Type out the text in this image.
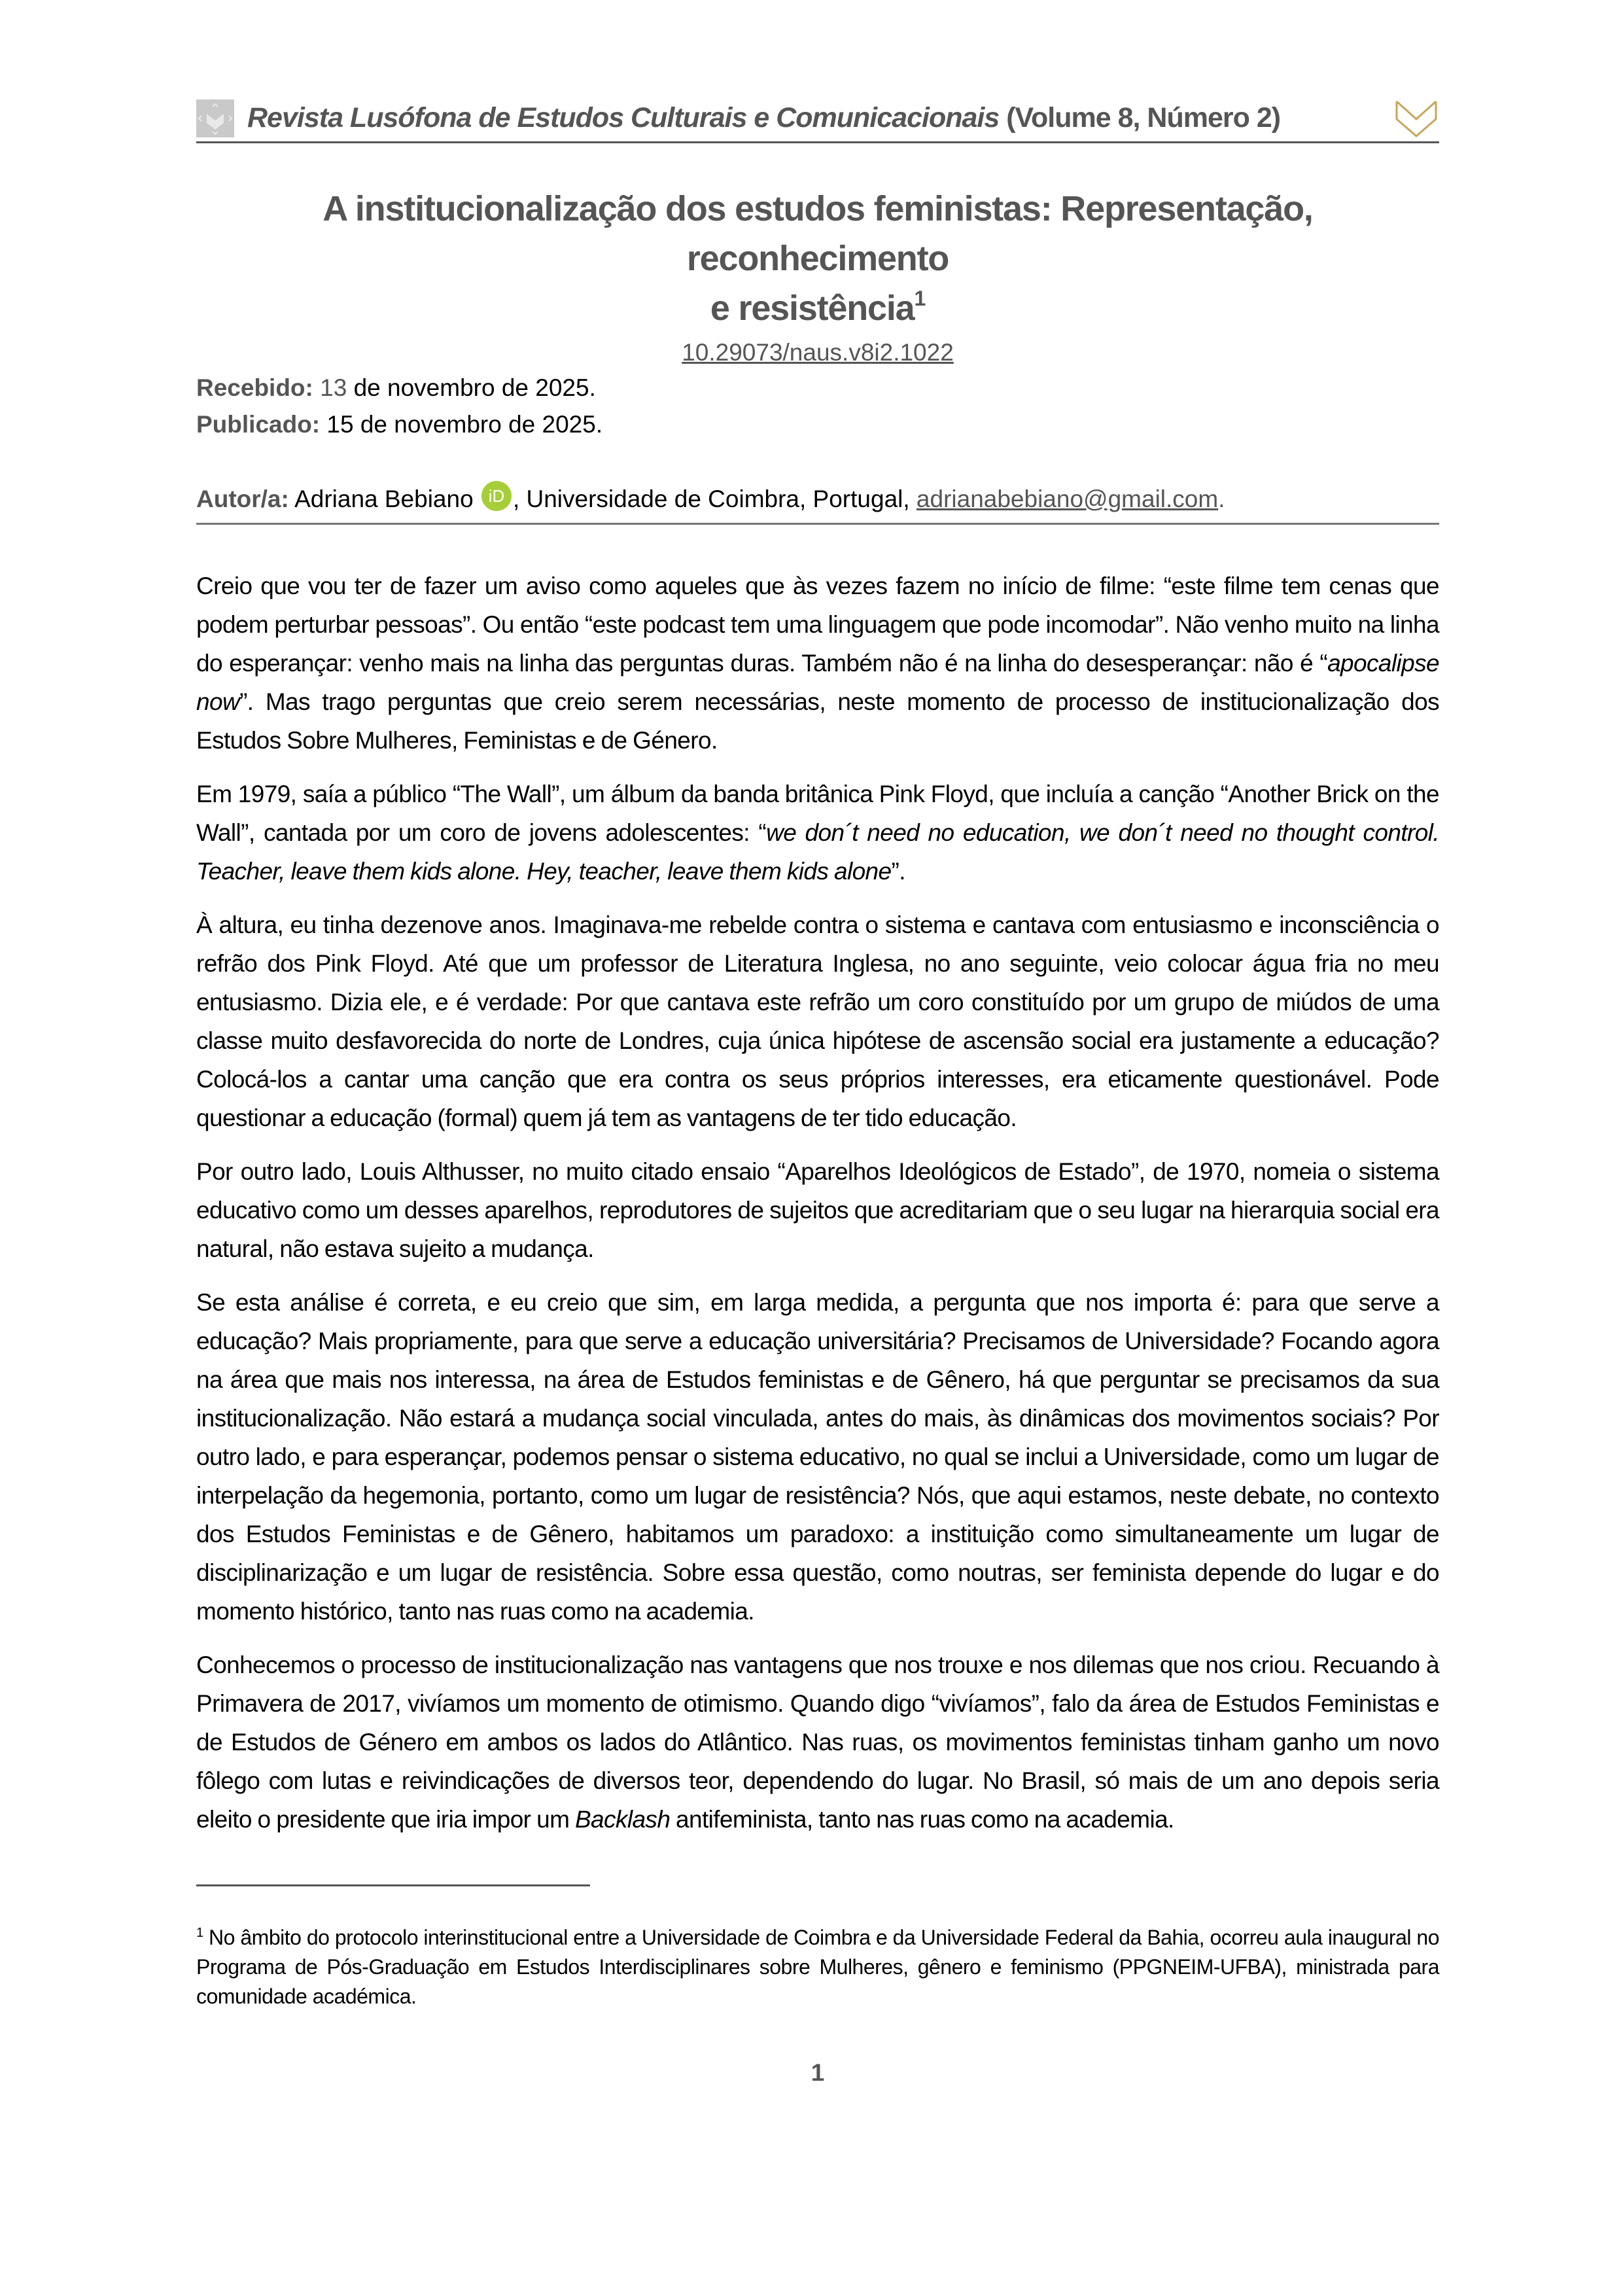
Revista Lusófona de Estudos Culturais e Comunicacionais (Volume 8, Número 2)
A institucionalização dos estudos feministas: Representação, reconhecimento
e resistência$^1$
10.29073/naus.v8i2.1022
Recebido: 13 de novembro de 2025.
Publicado: 15 de novembro de 2025.
Autor/a: Adriana Bebiano iD , Universidade de Coimbra, Portugal, adrianabebiano@gmail.com.

Creio que vou ter de fazer um aviso como aqueles que às vezes fazem no início de filme: “este filme tem cenas que podem perturbar pessoas”. Ou então “este podcast tem uma linguagem que pode incomodar”. Não venho muito na linha do esperançar: venho mais na linha das perguntas duras. Também não é na linha do desesperançar: não é “apocalipse now”. Mas trago perguntas que creio serem necessárias, neste momento de processo de institucionalização dos Estudos Sobre Mulheres, Feministas e de Género.

Em 1979, saía a público “The Wall”, um álbum da banda britânica Pink Floyd, que incluía a canção “Another Brick on the Wall”, cantada por um coro de jovens adolescentes: “we don´t need no education, we don´t need no thought control. Teacher, leave them kids alone. Hey, teacher, leave them kids alone”.

À altura, eu tinha dezenove anos. Imaginava-me rebelde contra o sistema e cantava com entusiasmo e inconsciência o refrão dos Pink Floyd. Até que um professor de Literatura Inglesa, no ano seguinte, veio colocar água fria no meu entusiasmo. Dizia ele, e é verdade: Por que cantava este refrão um coro constituído por um grupo de miúdos de uma classe muito desfavorecida do norte de Londres, cuja única hipótese de ascensão social era justamente a educação? Colocá-los a cantar uma canção que era contra os seus próprios interesses, era eticamente questionável. Pode questionar a educação (formal) quem já tem as vantagens de ter tido educação.

Por outro lado, Louis Althusser, no muito citado ensaio “Aparelhos Ideológicos de Estado”, de 1970, nomeia o sistema educativo como um desses aparelhos, reprodutores de sujeitos que acreditariam que o seu lugar na hierarquia social era natural, não estava sujeito a mudança.

Se esta análise é correta, e eu creio que sim, em larga medida, a pergunta que nos importa é: para que serve a educação? Mais propriamente, para que serve a educação universitária? Precisamos de Universidade? Focando agora na área que mais nos interessa, na área de Estudos feministas e de Gênero, há que perguntar se precisamos da sua institucionalização. Não estará a mudança social vinculada, antes do mais, às dinâmicas dos movimentos sociais? Por outro lado, e para esperançar, podemos pensar o sistema educativo, no qual se inclui a Universidade, como um lugar de interpelação da hegemonia, portanto, como um lugar de resistência? Nós, que aqui estamos, neste debate, no contexto dos Estudos Feministas e de Gênero, habitamos um paradoxo: a instituição como simultaneamente um lugar de disciplinarização e um lugar de resistência. Sobre essa questão, como noutras, ser feminista depende do lugar e do momento histórico, tanto nas ruas como na academia.

Conhecemos o processo de institucionalização nas vantagens que nos trouxe e nos dilemas que nos criou. Recuando à Primavera de 2017, vivíamos um momento de otimismo. Quando digo “vivíamos”, falo da área de Estudos Feministas e de Estudos de Género em ambos os lados do Atlântico. Nas ruas, os movimentos feministas tinham ganho um novo fôlego com lutas e reivindicações de diversos teor, dependendo do lugar. No Brasil, só mais de um ano depois seria eleito o presidente que iria impor um Backlash antifeminista, tanto nas ruas como na academia.

$^1$ No âmbito do protocolo interinstitucional entre a Universidade de Coimbra e da Universidade Federal da Bahia, ocorreu aula inaugural no Programa de Pós-Graduação em Estudos Interdisciplinares sobre Mulheres, gênero e feminismo (PPGNEIM-UFBA), ministrada para comunidade académica.
1
